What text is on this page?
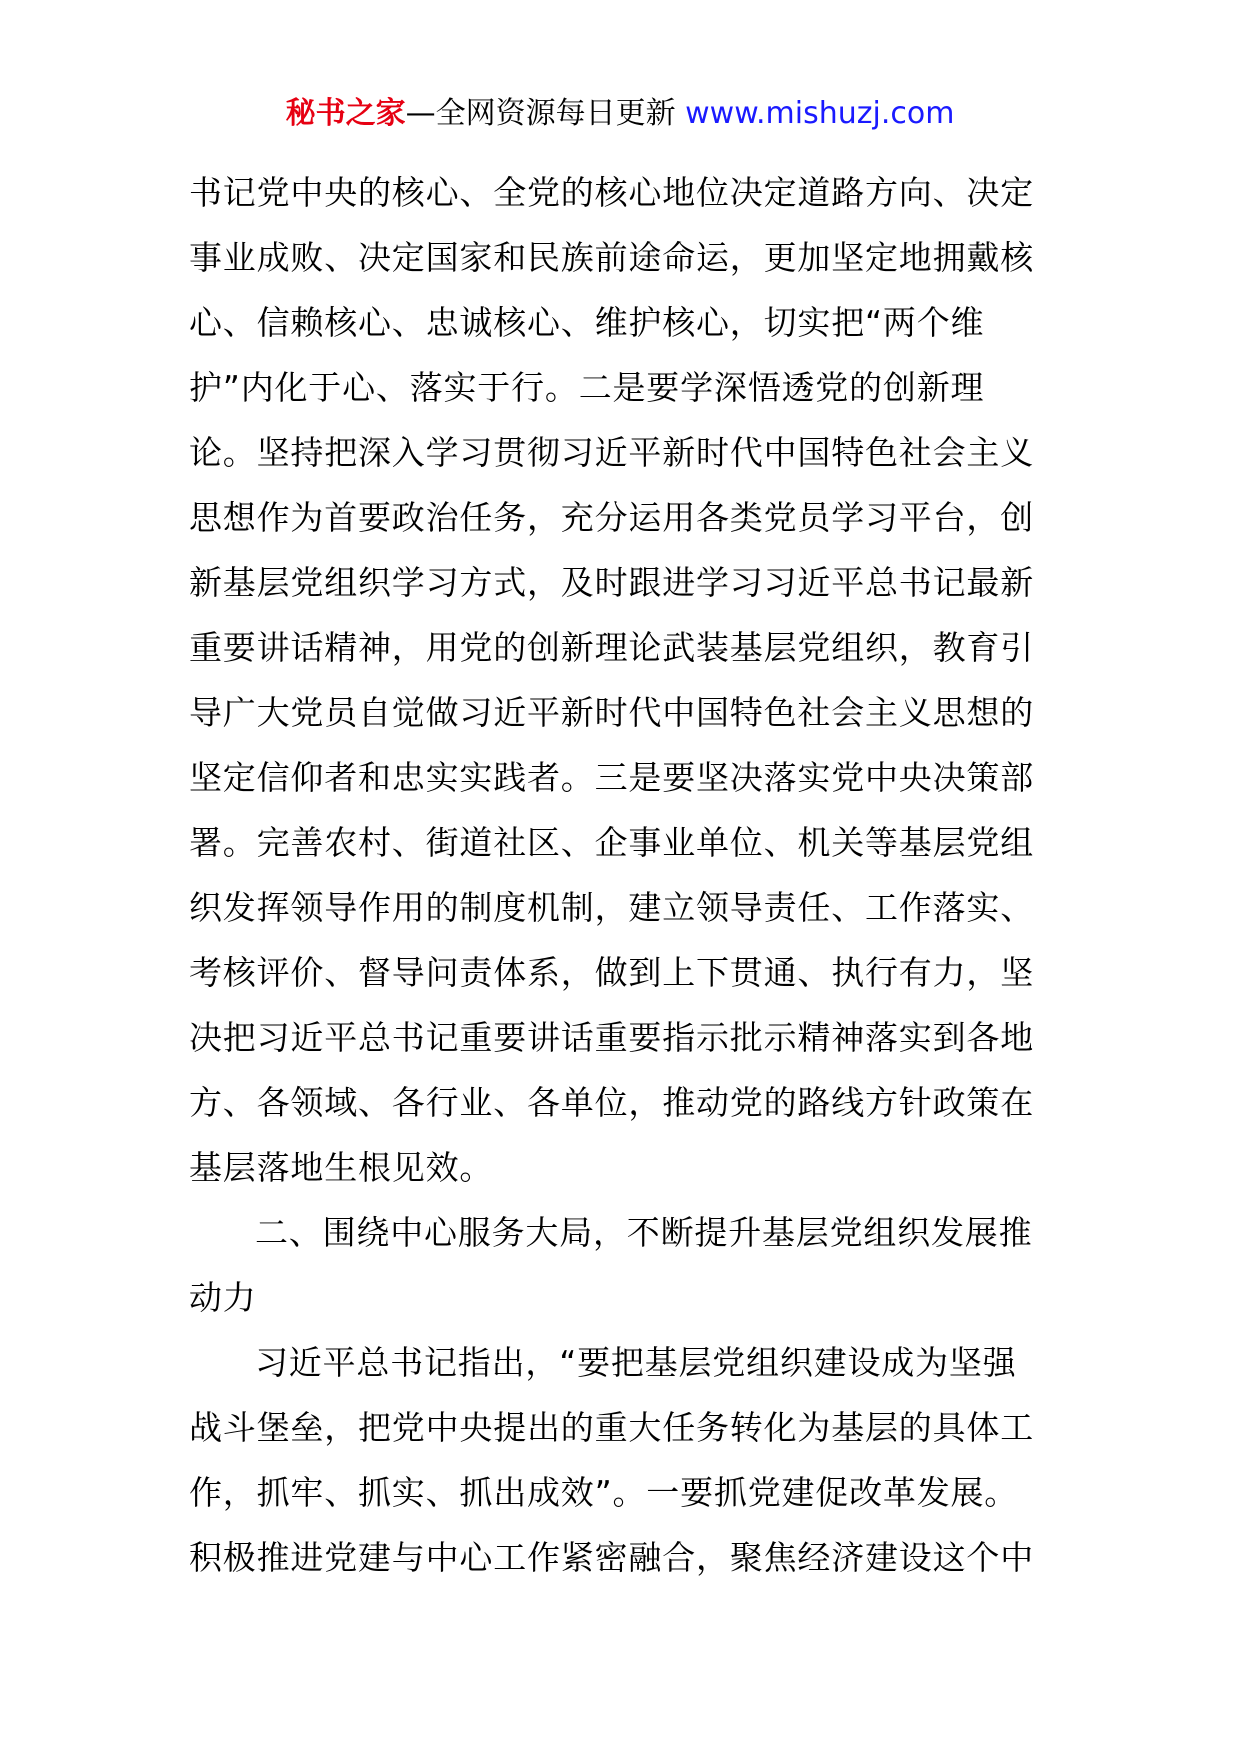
秘书之家—全网资源每日更新 www.mishuzj.com
书记党中央的核心、全党的核心地位决定道路方向、决定
事业成败、决定国家和民族前途命运，更加坚定地拥戴核
心、信赖核心、忠诚核心、维护核心，切实把“两个维
护”内化于心、落实于行。二是要学深悟透党的创新理
论。坚持把深入学习贯彻习近平新时代中国特色社会主义
思想作为首要政治任务，充分运用各类党员学习平台，创
新基层党组织学习方式，及时跟进学习习近平总书记最新
重要讲话精神，用党的创新理论武装基层党组织，教育引
导广大党员自觉做习近平新时代中国特色社会主义思想的
坚定信仰者和忠实实践者。三是要坚决落实党中央决策部
署。完善农村、街道社区、企事业单位、机关等基层党组
织发挥领导作用的制度机制，建立领导责任、工作落实、
考核评价、督导问责体系，做到上下贯通、执行有力，坚
决把习近平总书记重要讲话重要指示批示精神落实到各地
方、各领域、各行业、各单位，推动党的路线方针政策在
基层落地生根见效。
二、围绕中心服务大局，不断提升基层党组织发展推
动力
习近平总书记指出，“要把基层党组织建设成为坚强
战斗堡垒，把党中央提出的重大任务转化为基层的具体工
作，抓牢、抓实、抓出成效”。一要抓党建促改革发展。
积极推进党建与中心工作紧密融合，聚焦经济建设这个中
